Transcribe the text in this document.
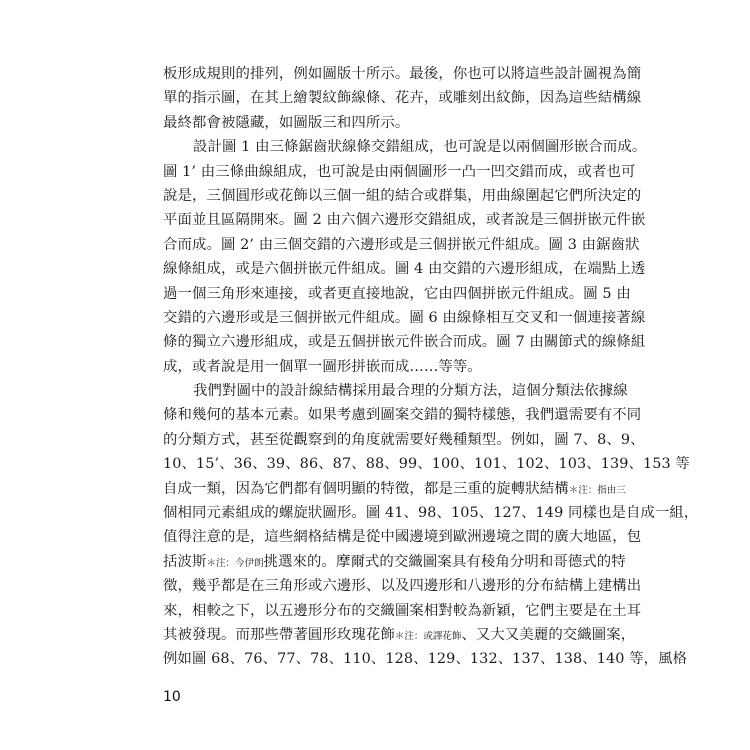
板形成規則的排列，例如圖版十所示。最後，你也可以將這些設計圖視為簡
單的指示圖，在其上繪製紋飾線條、花卉，或雕刻出紋飾，因為這些結構線
最終都會被隱藏，如圖版三和四所示。
設計圖 1 由三條鋸齒狀線條交錯組成，也可說是以兩個圖形嵌合而成。
圖 1’ 由三條曲線組成，也可說是由兩個圖形一凸一凹交錯而成，或者也可
說是，三個圓形或花飾以三個一組的結合或群集，用曲線圍起它們所決定的
平面並且區隔開來。圖 2 由六個六邊形交錯組成，或者說是三個拼嵌元件嵌
合而成。圖 2’ 由三個交錯的六邊形或是三個拼嵌元件組成。圖 3 由鋸齒狀
線條組成，或是六個拼嵌元件組成。圖 4 由交錯的六邊形組成，在端點上透
過一個三角形來連接，或者更直接地說，它由四個拼嵌元件組成。圖 5 由
交錯的六邊形或是三個拼嵌元件組成。圖 6 由線條相互交叉和一個連接著線
條的獨立六邊形組成，或是五個拼嵌元件嵌合而成。圖 7 由關節式的線條組
成，或者說是用一個單一圖形拼嵌而成……等等。
我們對圖中的設計線結構採用最合理的分類方法，這個分類法依據線
條和幾何的基本元素。如果考慮到圖案交錯的獨特樣態，我們還需要有不同
的分類方式，甚至從觀察到的角度就需要好幾種類型。例如，圖 7、8、9、
10、15’、36、39、86、87、88、99、100、101、102、103、139、153 等
自成一類，因為它們都有個明顯的特徵，都是三重的旋轉狀結構＊注：指由三
個相同元素組成的螺旋狀圖形。圖 41、98、105、127、149 同樣也是自成一組，
值得注意的是，這些網格結構是從中國邊境到歐洲邊境之間的廣大地區，包
括波斯＊注：今伊朗挑選來的。摩爾式的交織圖案具有稜角分明和哥德式的特
徵，幾乎都是在三角形或六邊形、以及四邊形和八邊形的分布結構上建構出
來，相較之下，以五邊形分布的交織圖案相對較為新穎，它們主要是在土耳
其被發現。而那些帶著圓形玫瑰花飾＊注：或譯花飾、又大又美麗的交織圖案，
例如圖 68、76、77、78、110、128、129、132、137、138、140 等，風格
10
